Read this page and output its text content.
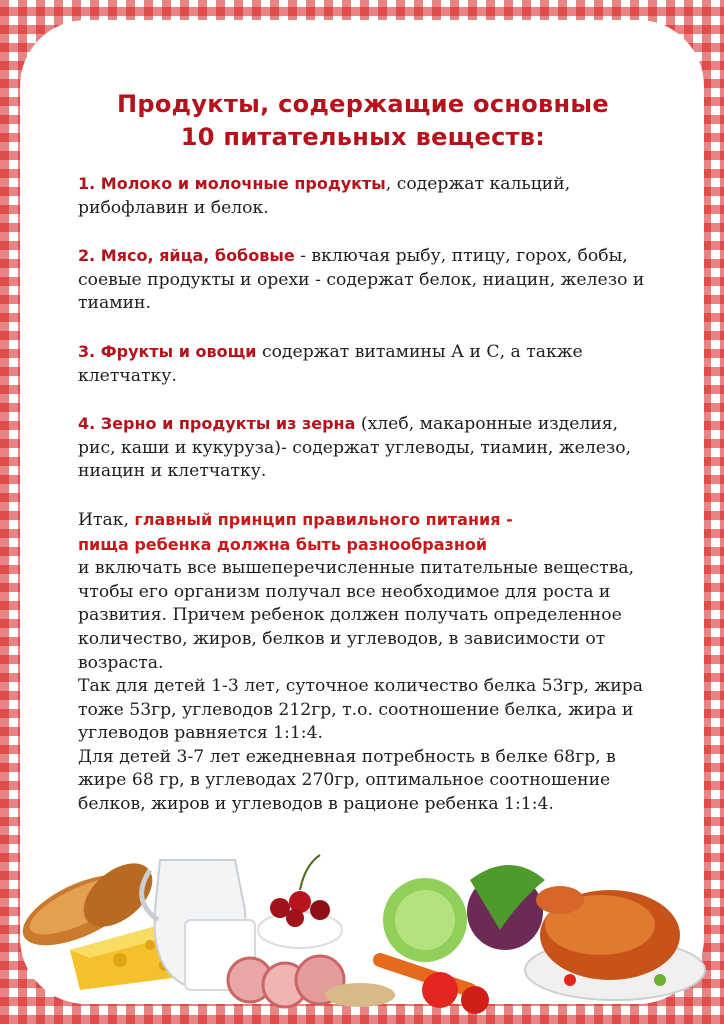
Продукты, содержащие основные
10 питательных веществ:

1. Молоко и молочные продукты, содержат кальций, рибофлавин и белок.

2. Мясо, яйца, бобовые - включая рыбу, птицу, горох, бобы, соевые продукты и орехи - содержат белок, ниацин, железо и тиамин.

3. Фрукты и овощи содержат витамины А и С, а также клетчатку.

4. Зерно и продукты из зерна (хлеб, макаронные изделия, рис, каши и кукуруза)- содержат углеводы, тиамин, железо, ниацин и клетчатку.

Итак, главный принцип правильного питания -
пища ребенка должна быть разнообразной
и включать все вышеперечисленные питательные вещества, чтобы его организм получал все необходимое для роста и развития. Причем ребенок должен получать определенное количество, жиров, белков и углеводов, в зависимости от возраста.
Так для детей 1-3 лет, суточное количество белка 53гр, жира тоже 53гр, углеводов 212гр, т.о. соотношение белка, жира и углеводов равняется 1:1:4.
Для детей 3-7 лет ежедневная потребность в белке 68гр, в жире 68 гр, в углеводах 270гр, оптимальное соотношение белков, жиров и углеводов в рационе ребенка 1:1:4.
